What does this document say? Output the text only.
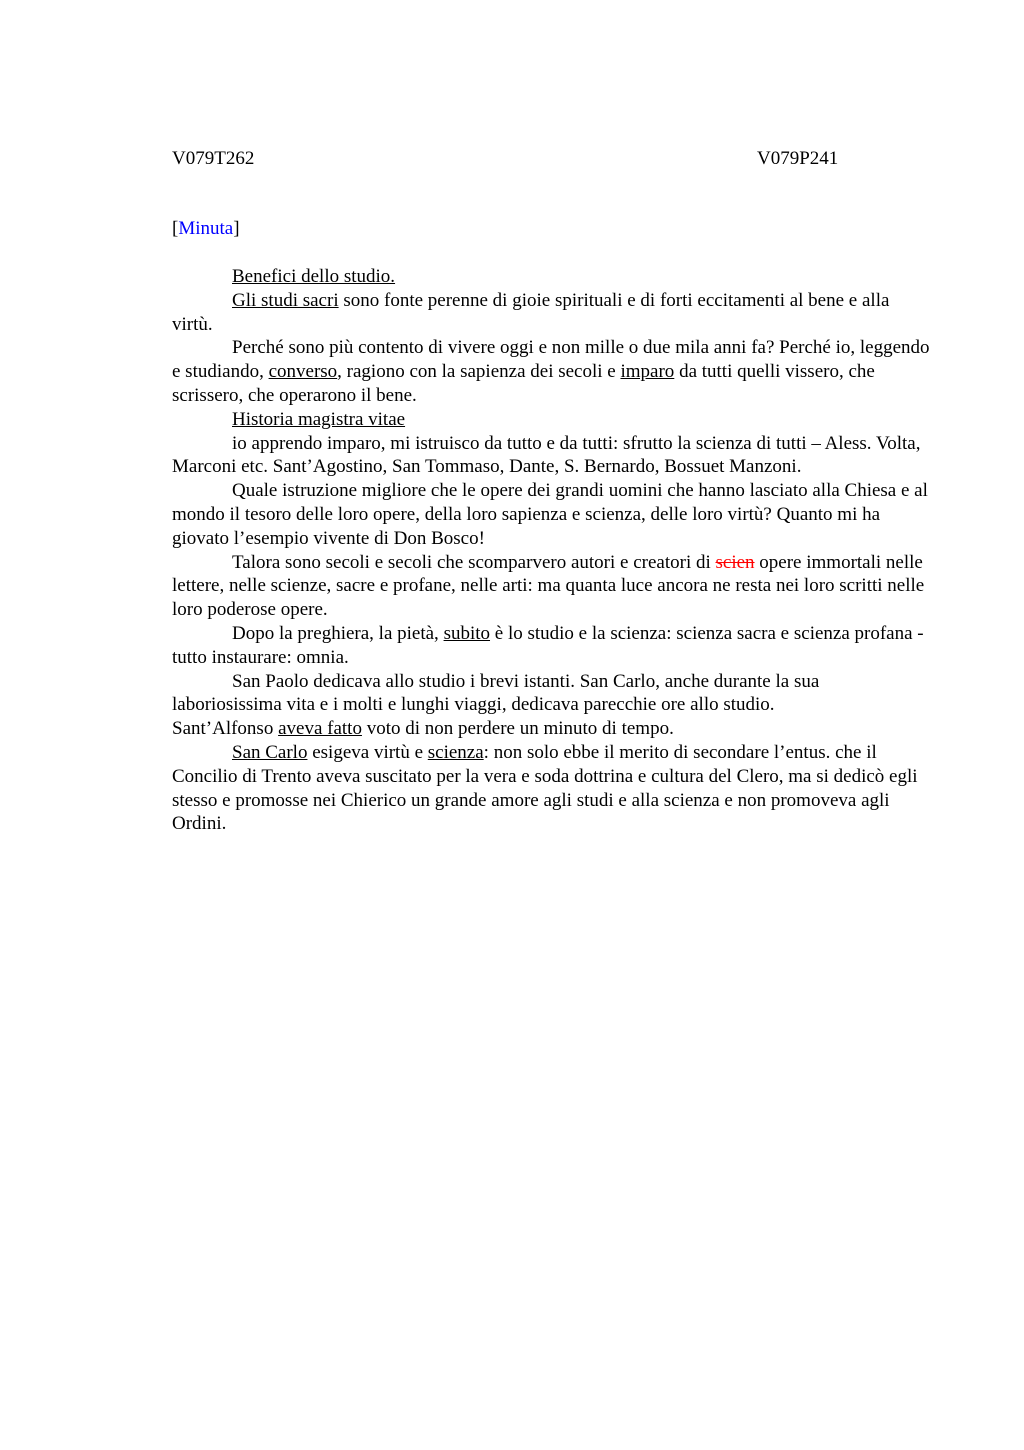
V079T262	V079P241
[Minuta]

Benefici dello studio.

Gli studi sacri sono fonte perenne di gioie spirituali e di forti eccitamenti al bene e alla virtù.

Perché sono più contento di vivere oggi e non mille o due mila anni fa? Perché io, leggendo e studiando, converso, ragiono con la sapienza dei secoli e imparo da tutti quelli vissero, che scrissero, che operarono il bene.

Historia magistra vitae

io apprendo imparo, mi istruisco da tutto e da tutti: sfrutto la scienza di tutti – Aless. Volta, Marconi etc. Sant’Agostino, San Tommaso, Dante, S. Bernardo, Bossuet Manzoni.

Quale istruzione migliore che le opere dei grandi uomini che hanno lasciato alla Chiesa e al mondo il tesoro delle loro opere, della loro sapienza e scienza, delle loro virtù? Quanto mi ha giovato l’esempio vivente di Don Bosco!

Talora sono secoli e secoli che scomparvero autori e creatori di scien opere immortali nelle lettere, nelle scienze, sacre e profane, nelle arti: ma quanta luce ancora ne resta nei loro scritti nelle loro poderose opere.

Dopo la preghiera, la pietà, subito è lo studio e la scienza: scienza sacra e scienza profana - tutto instaurare: omnia.

San Paolo dedicava allo studio i brevi istanti. San Carlo, anche durante la sua laboriosissima vita e i molti e lunghi viaggi, dedicava parecchie ore allo studio.

Sant’Alfonso aveva fatto voto di non perdere un minuto di tempo.

San Carlo esigeva virtù e scienza: non solo ebbe il merito di secondare l’entus. che il Concilio di Trento aveva suscitato per la vera e soda dottrina e cultura del Clero, ma si dedicò egli stesso e promosse nei Chierico un grande amore agli studi e alla scienza e non promoveva agli Ordini.
